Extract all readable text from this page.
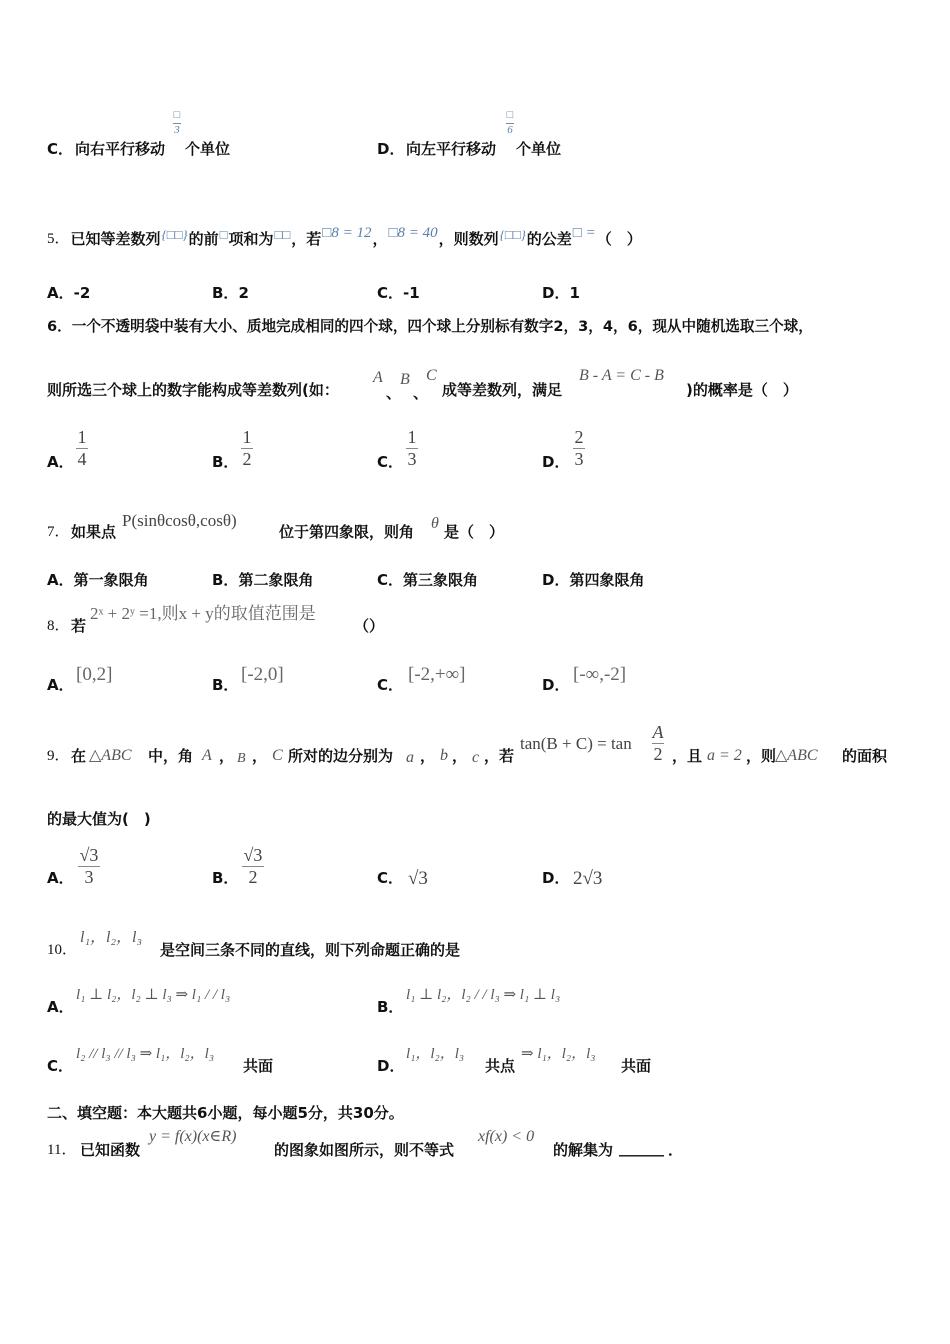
□
3
C． 向右平行移动 个单位
□
6
D． 向左平行移动 个单位
5． 已知等差数列 {□□} 的前 □ 项和为 □□ ，若 □8 = 12 ， □8 = 40 ，则数列 {□□} 的公差 □ = （　）
A．-2	B．2	C．-1	D．1
6．一个不透明袋中装有大小、质地完成相同的四个球，四个球上分别标有数字2，3，4，6，现从中随机选取三个球，
则所选三个球上的数字能构成等差数列(如：
A
、
B
、
C
成等差数列，满足
B - A = C - B
)的概率是（　）
A．
1
4	B．
1
2	C．
1
3	D．
2
3
7． 如果点
P(sinθcosθ,cosθ)
位于第四象限，则角 θ 是（　）
A．第一象限角	B．第二象限角	C．第三象限角	D．第四象限角
8． 若
2ˣ + 2ʸ =1,则x + y的取值范围是
（）
A． [0,2]	B． [-2,0]	C． [-2,+∞]	D． [-∞,-2]
9． 在 △ABC 中，角 A ， B ， C 所对的边分别为 a ， b ， c ，若
tan(B + C) = tan
A
2 ，且 a = 2 ，则
△ABC 的面积
的最大值为(　)
A．
√3
3	B．
√3
2	C． √3	D． 2√3
10．
l₁，l₂，l₃
是空间三条不同的直线，则下列命题正确的是
A．
l₁ ⊥ l₂，l₂ ⊥ l₃ ⇒ l₁ / / l₃
B．
l₁ ⊥ l₂，l₂ / / l₃ ⇒ l₁ ⊥ l₃
C．
l₂ // l₃ // l₃ ⇒ l₁，l₂，l₃
共面	D．
l₁，l₂，l₃
共点
⇒ l₁，l₂，l₃
共面
二、填空题：本大题共6小题，每小题5分，共30分。
11． 已知函数
y = f(x)(x∈R)
的图象如图所示，则不等式
xf(x) < 0
的解集为 ______ ．
